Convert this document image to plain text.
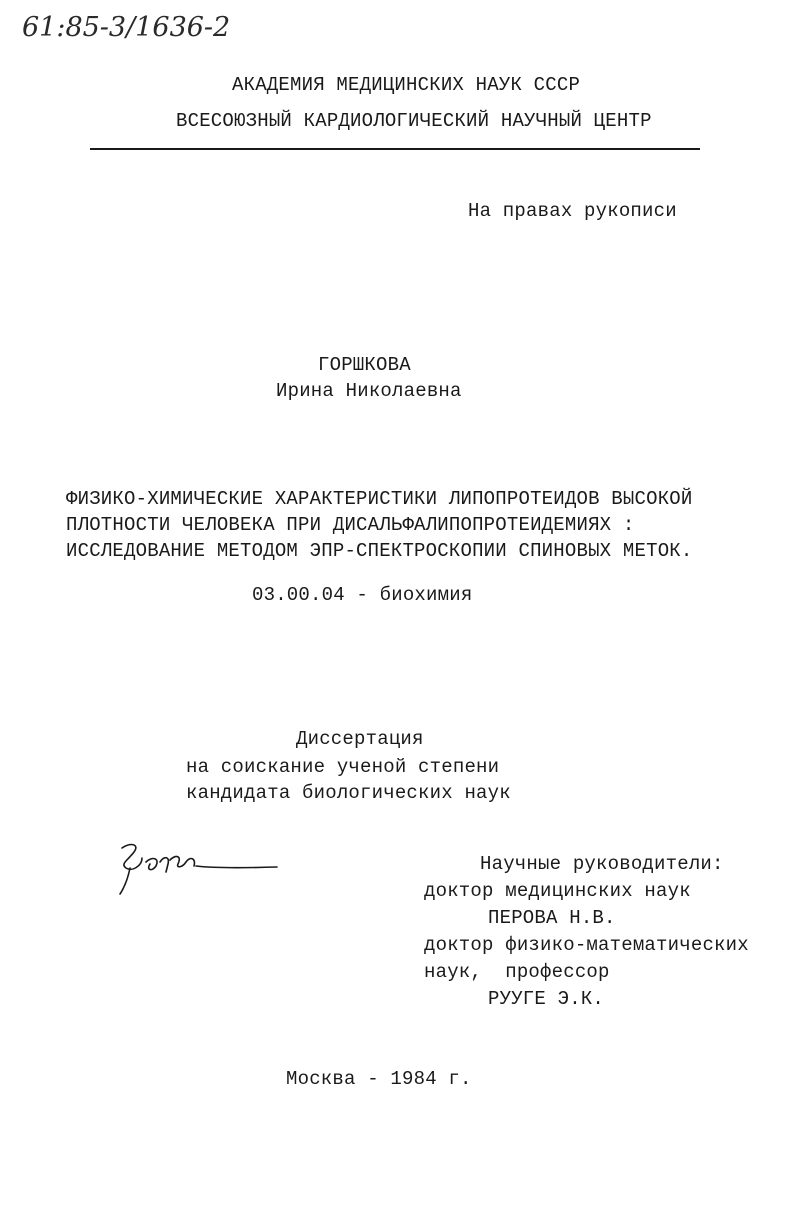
61:85-3/1636-2
АКАДЕМИЯ МЕДИЦИНСКИХ НАУК СССР
ВСЕСОЮЗНЫЙ КАРДИОЛОГИЧЕСКИЙ НАУЧНЫЙ ЦЕНТР
На правах рукописи
ГОРШКОВА
Ирина Николаевна
ФИЗИКО-ХИМИЧЕСКИЕ ХАРАКТЕРИСТИКИ ЛИПОПРОТЕИДОВ ВЫСОКОЙ
ПЛОТНОСТИ ЧЕЛОВЕКА ПРИ ДИСАЛЬФАЛИПОПРОТЕИДЕМИЯХ :
ИССЛЕДОВАНИЕ МЕТОДОМ ЭПР-СПЕКТРОСКОПИИ СПИНОВЫХ МЕТОК.
03.00.04 - биохимия
Диссертация
на соискание ученой степени
кандидата биологических наук
Научные руководители:
доктор медицинских наук
ПЕРОВА Н.В.
доктор физико-математических
наук,  профессор
РУУГЕ Э.К.
Москва - 1984 г.
